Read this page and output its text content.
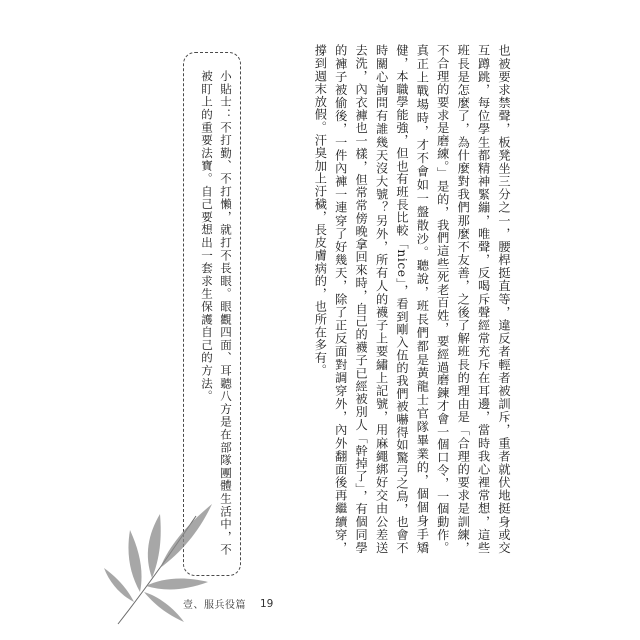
也被要求禁聲，板凳坐三分之一，腰桿挺直等，違反者輕者被訓斥，重者就伏地挺身或交互蹲跳，每位學生都精神緊繃，唯聲，反喝斥聲經常充斥在耳邊，當時我心裡常想，這些班長是怎麼了，為什麼對我們那麼不友善，之後了解班長的理由是「合理的要求是訓練，不合理的要求是磨練。」是的，我們這些死老百姓，要經過磨鍊才會一個口令，一個動作。真正上戰場時，才不會如一盤散沙。聽說，班長們都是黃龍士官隊畢業的，個個身手矯健，本職學能強，但也有班長比較「nice」，看到剛入伍的我們被嚇得如驚弓之鳥，也會不時關心詢問有誰幾天沒大號？另外，所有人的襪子上要繡上記號，用麻繩綁好交由公差送去洗，內衣褲也一樣，但常常傍晚拿回來時，自己的襪子已經被別人「幹掉了」，有個同學的褲子被偷後，一件內褲一連穿了好幾天，除了正反面對調穿外，內外翻面後再繼續穿，撐到週末放假。汗臭加上汙穢，長皮膚病的，也所在多有。

小貼士：不打勤、不打懶，就打不長眼。眼觀四面、耳聽八方是在部隊團體生活中，不被盯上的重要法寶。自己要想出一套求生保護自己的方法。
壹、服兵役篇 19
